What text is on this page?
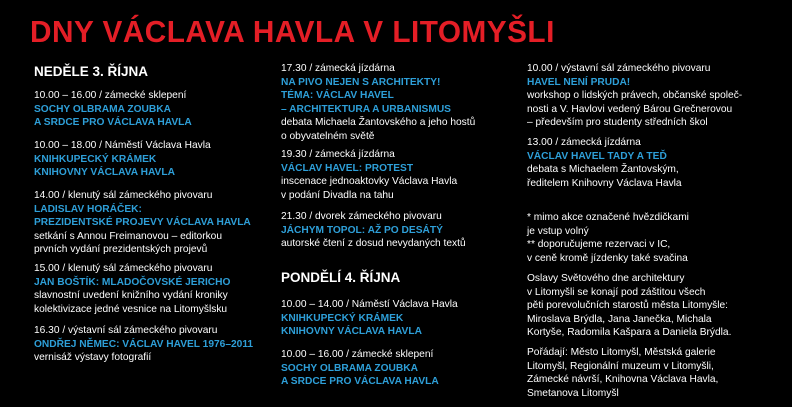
DNY VÁCLAVA HAVLA V LITOMYŠLI
NEDĚLE 3. ŘÍJNA
10.00 – 16.00 / zámecké sklepení
SOCHY OLBRAMA ZOUBKA
A SRDCE PRO VÁCLAVA HAVLA
10.00 – 18.00 / Náměstí Václava Havla
KNIHKUPECKÝ KRÁMEK
KNIHOVNY VÁCLAVA HAVLA
14.00 / klenutý sál zámeckého pivovaru
LADISLAV HORÁČEK:
PREZIDENTSKÉ PROJEVY VÁCLAVA HAVLA
setkání s Annou Freimanovou – editorkou
prvních vydání prezidentských projevů
15.00 / klenutý sál zámeckého pivovaru
JAN BOŠTÍK: MLADOČOVSKÉ JERICHO
slavnostní uvedení knižního vydání kroniky
kolektivizace jedné vesnice na Litomyšlsku
16.30 / výstavní sál zámeckého pivovaru
ONDŘEJ NĚMEC: VÁCLAV HAVEL 1976–2011
vernisáž výstavy fotografií
17.30 / zámecká jízdárna
NA PIVO NEJEN S ARCHITEKTY!
TÉMA: VÁCLAV HAVEL
– ARCHITEKTURA A URBANISMUS
debata Michaela Žantovského a jeho hostů
o obyvatelném světě
19.30 / zámecká jízdárna
VÁCLAV HAVEL: PROTEST
inscenace jednoaktovky Václava Havla
v podání Divadla na tahu
21.30 / dvorek zámeckého pivovaru
JÁCHYM TOPOL: AŽ PO DESÁTÝ
autorské čtení z dosud nevydaných textů
PONDĚLÍ 4. ŘÍJNA
10.00 – 14.00 / Náměstí Václava Havla
KNIHKUPECKÝ KRÁMEK
KNIHOVNY VÁCLAVA HAVLA
10.00 – 16.00 / zámecké sklepení
SOCHY OLBRAMA ZOUBKA
A SRDCE PRO VÁCLAVA HAVLA
10.00 / výstavní sál zámeckého pivovaru
HAVEL NENÍ PRUDA!
workshop o lidských právech, občanské společ-
nosti a V. Havlovi vedený Bárou Grečnerovou
– především pro studenty středních škol
13.00 / zámecká jízdárna
VÁCLAV HAVEL TADY A TEĎ
debata s Michaelem Žantovským,
ředitelem Knihovny Václava Havla
* mimo akce označené hvězdičkami
je vstup volný
** doporučujeme rezervaci v IC,
v ceně kromě jízdenky také svačina
Oslavy Světového dne architektury
v Litomyšli se konají pod záštitou všech
pěti porevolučních starostů města Litomyšle:
Miroslava Brýdla, Jana Janečka, Michala
Kortyše, Radomila Kašpara a Daniela Brýdla.
Pořádají: Město Litomyšl, Městská galerie
Litomyšl, Regionální muzeum v Litomyšli,
Zámecké návrší, Knihovna Václava Havla,
Smetanova Litomyšl
